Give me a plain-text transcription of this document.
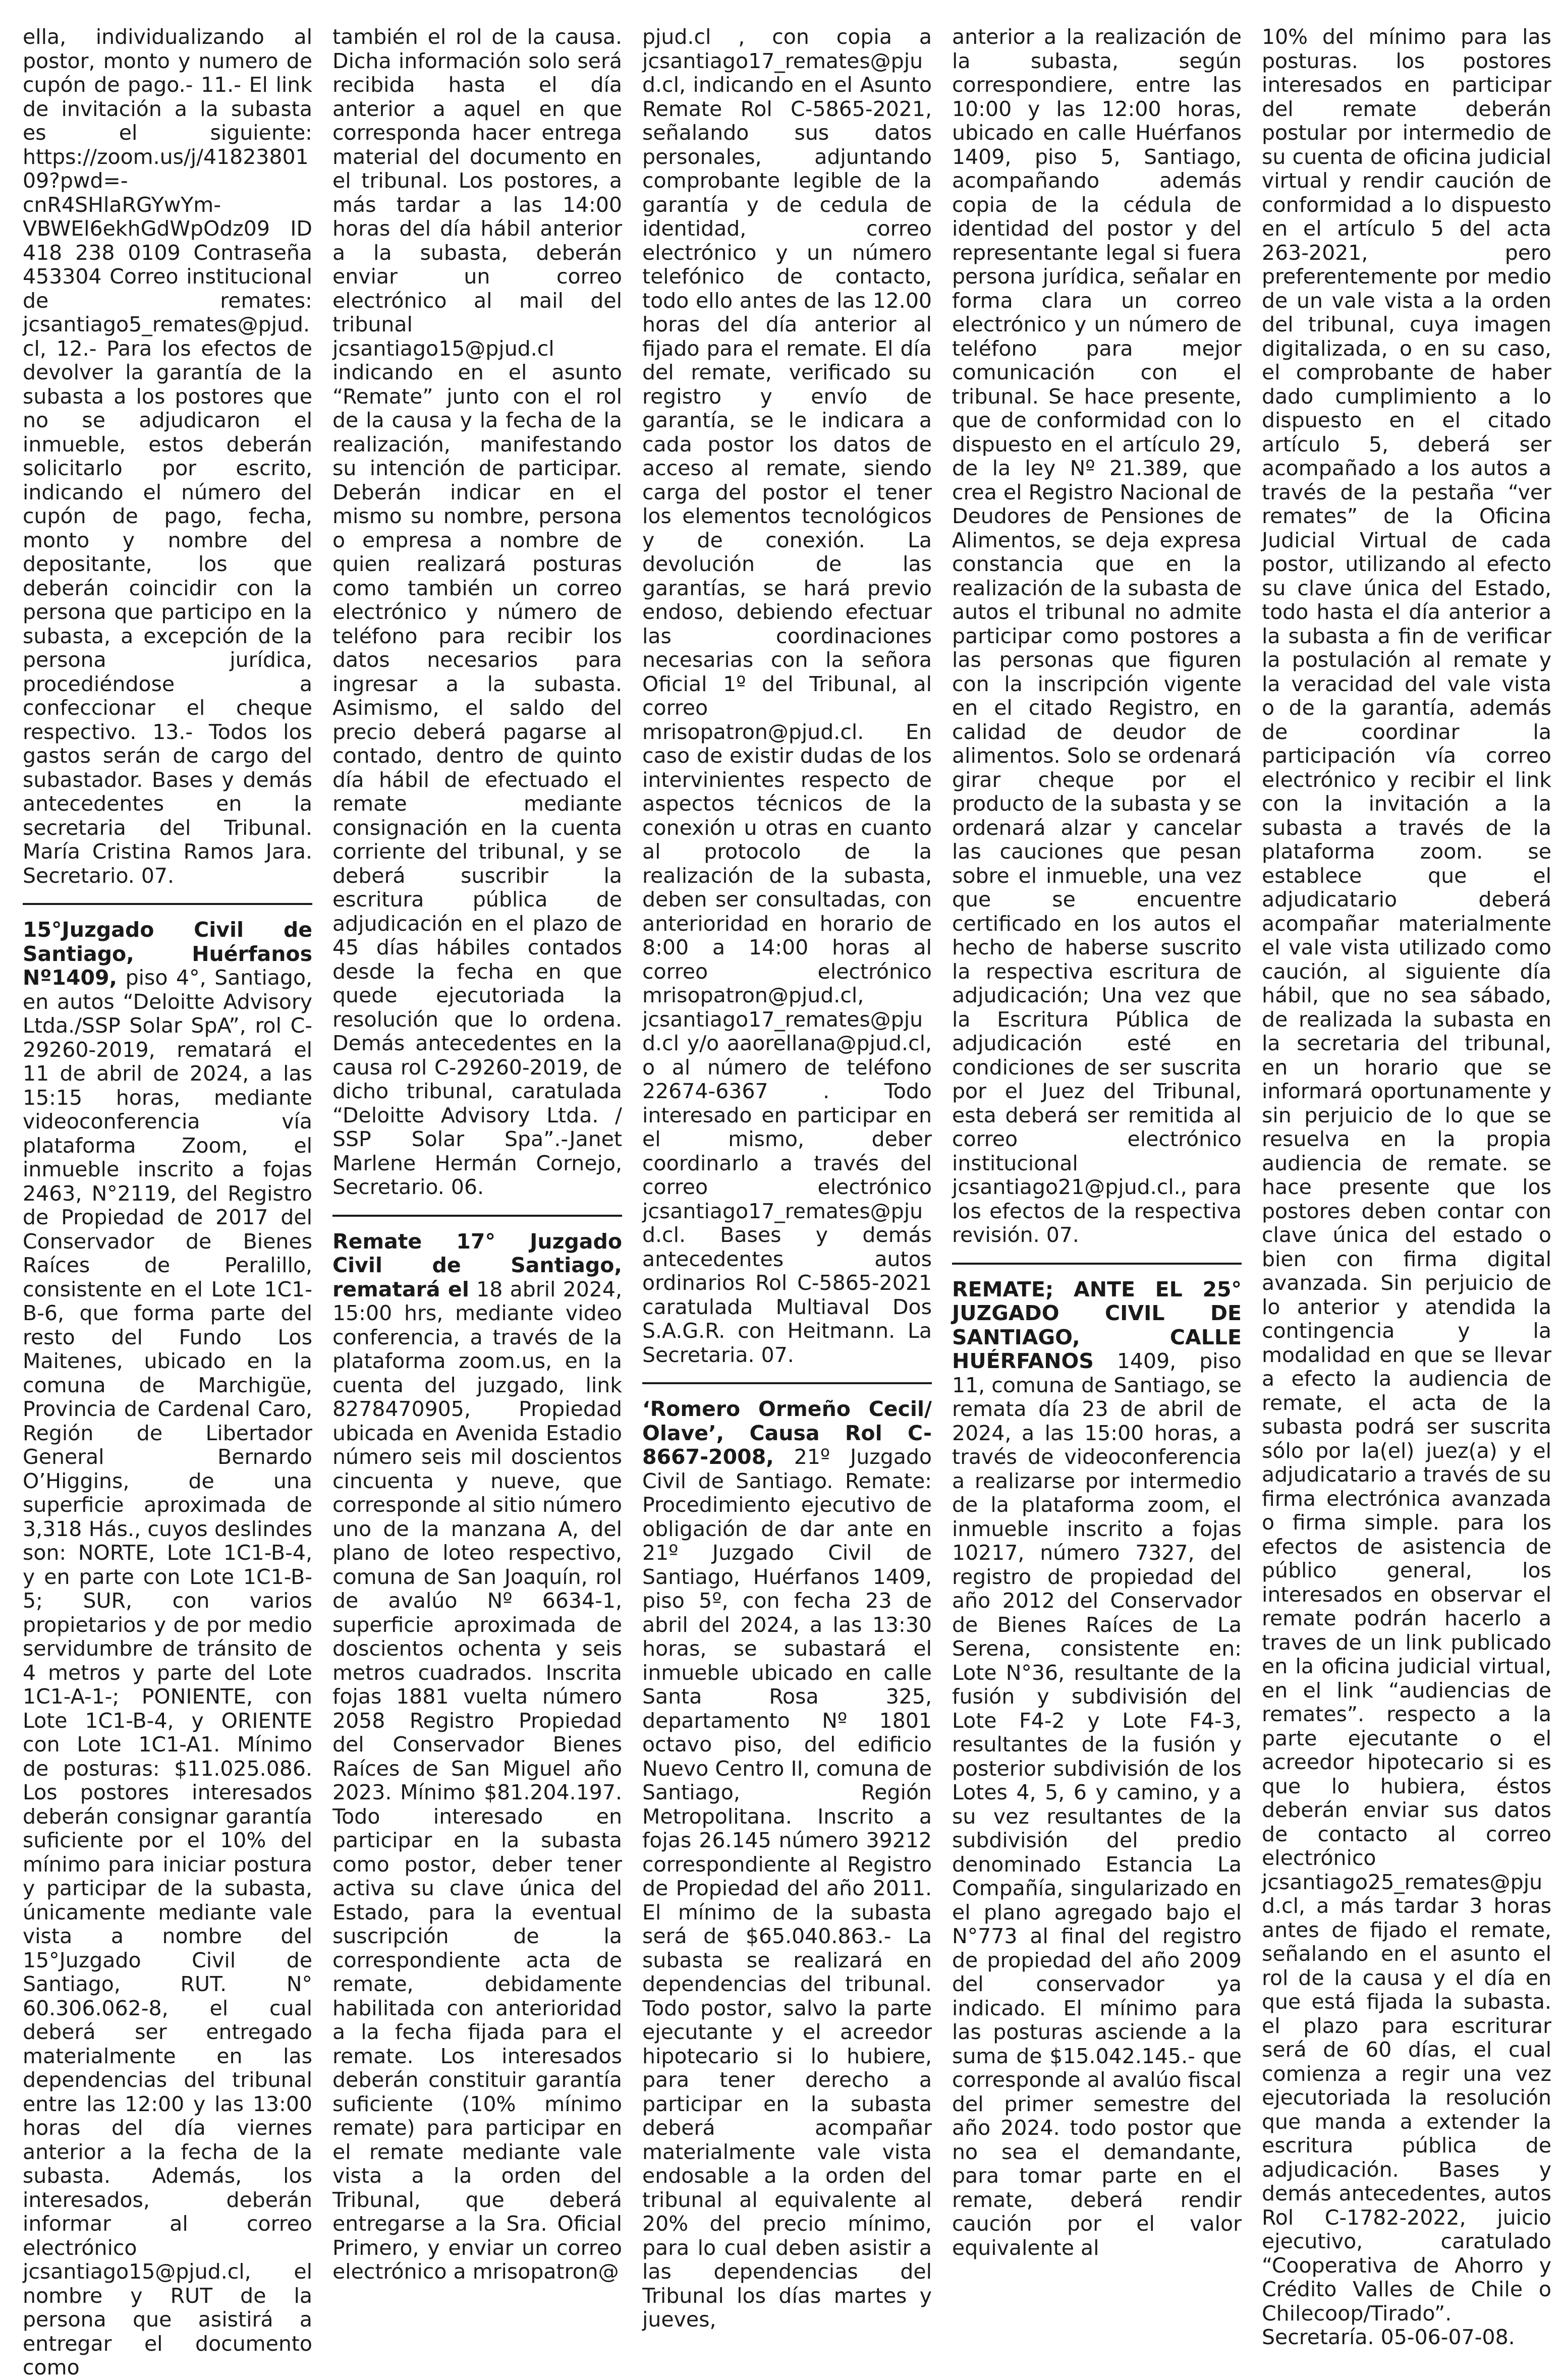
ella, individualizando al postor, monto y numero de cupón de pago.- 11.- El link de invitación a la subasta es el siguiente: https://zoom.us/j/4182380109?pwd=-cnR4SHlaRGYwYm-VBWEl6ekhGdWpOdz09 ID 418 238 0109 Contraseña 453304 Correo institucional de remates: jcsantiago5_remates@pjud.cl, 12.- Para los efectos de devolver la garantía de la subasta a los postores que no se adjudicaron el inmueble, estos deberán solicitarlo por escrito, indicando el número del cupón de pago, fecha, monto y nombre del depositante, los que deberán coincidir con la persona que participo en la subasta, a excepción de la persona jurídica, procediéndose a confeccionar el cheque respectivo. 13.- Todos los gastos serán de cargo del subastador. Bases y demás antecedentes en la secretaria del Tribunal. María Cristina Ramos Jara. Secretario. 07.

15°Juzgado Civil de Santiago, Huérfanos Nº1409, piso 4°, Santiago, en autos “Deloitte Advisory Ltda./SSP Solar SpA”, rol C-29260-2019, rematará el 11 de abril de 2024, a las 15:15 horas, mediante videoconferencia vía plataforma Zoom, el inmueble inscrito a fojas 2463, N°2119, del Registro de Propiedad de 2017 del Conservador de Bienes Raíces de Peralillo, consistente en el Lote 1C1-B-6, que forma parte del resto del Fundo Los Maitenes, ubicado en la comuna de Marchigüe, Provincia de Cardenal Caro, Región de Libertador General Bernardo O’Higgins, de una superficie aproximada de 3,318 Hás., cuyos deslindes son: NORTE, Lote 1C1-B-4, y en parte con Lote 1C1-B-5; SUR, con varios propietarios y de por medio servidumbre de tránsito de 4 metros y parte del Lote 1C1-A-1-; PONIENTE, con Lote 1C1-B-4, y ORIENTE con Lote 1C1-A1. Mínimo de posturas: $11.025.086. Los postores interesados deberán consignar garantía suficiente por el 10% del mínimo para iniciar postura y participar de la subasta, únicamente mediante vale vista a nombre del 15°Juzgado Civil de Santiago, RUT. N° 60.306.062-8, el cual deberá ser entregado materialmente en las dependencias del tribunal entre las 12:00 y las 13:00 horas del día viernes anterior a la fecha de la subasta. Además, los interesados, deberán informar al correo electrónico jcsantiago15@pjud.cl, el nombre y RUT de la persona que asistirá a entregar el documento como

también el rol de la causa. Dicha información solo será recibida hasta el día anterior a aquel en que corresponda hacer entrega material del documento en el tribunal. Los postores, a más tardar a las 14:00 horas del día hábil anterior a la subasta, deberán enviar un correo electrónico al mail del tribunal jcsantiago15@pjud.cl indicando en el asunto “Remate” junto con el rol de la causa y la fecha de la realización, manifestando su intención de participar. Deberán indicar en el mismo su nombre, persona o empresa a nombre de quien realizará posturas como también un correo electrónico y número de teléfono para recibir los datos necesarios para ingresar a la subasta. Asimismo, el saldo del precio deberá pagarse al contado, dentro de quinto día hábil de efectuado el remate mediante consignación en la cuenta corriente del tribunal, y se deberá suscribir la escritura pública de adjudicación en el plazo de 45 días hábiles contados desde la fecha en que quede ejecutoriada la resolución que lo ordena. Demás antecedentes en la causa rol C-29260-2019, de dicho tribunal, caratulada “Deloitte Advisory Ltda. / SSP Solar Spa”.-Janet Marlene Hermán Cornejo, Secretario. 06.

Remate 17° Juzgado Civil de Santiago, rematará el 18 abril 2024, 15:00 hrs, mediante video conferencia, a través de la plataforma zoom.us, en la cuenta del juzgado, link 8278470905, Propiedad ubicada en Avenida Estadio número seis mil doscientos cincuenta y nueve, que corresponde al sitio número uno de la manzana A, del plano de loteo respectivo, comuna de San Joaquín, rol de avalúo Nº 6634-1, superficie aproximada de doscientos ochenta y seis metros cuadrados. Inscrita fojas 1881 vuelta número 2058 Registro Propiedad del Conservador Bienes Raíces de San Miguel año 2023. Mínimo $81.204.197. Todo interesado en participar en la subasta como postor, deber tener activa su clave única del Estado, para la eventual suscripción de la correspondiente acta de remate, debidamente habilitada con anterioridad a la fecha fijada para el remate. Los interesados deberán constituir garantía suficiente (10% mínimo remate) para participar en el remate mediante vale vista a la orden del Tribunal, que deberá entregarse a la Sra. Oficial Primero, y enviar un correo electrónico a mrisopatron@

pjud.cl , con copia a jcsantiago17_remates@pjud.cl, indicando en el Asunto Remate Rol C-5865-2021, señalando sus datos personales, adjuntando comprobante legible de la garantía y de cedula de identidad, correo electrónico y un número telefónico de contacto, todo ello antes de las 12.00 horas del día anterior al fijado para el remate. El día del remate, verificado su registro y envío de garantía, se le indicara a cada postor los datos de acceso al remate, siendo carga del postor el tener los elementos tecnológicos y de conexión. La devolución de las garantías, se hará previo endoso, debiendo efectuar las coordinaciones necesarias con la señora Oficial 1º del Tribunal, al correo mrisopatron@pjud.cl. En caso de existir dudas de los intervinientes respecto de aspectos técnicos de la conexión u otras en cuanto al protocolo de la realización de la subasta, deben ser consultadas, con anterioridad en horario de 8:00 a 14:00 horas al correo electrónico mrisopatron@pjud.cl, jcsantiago17_remates@pjud.cl y/o aaorellana@pjud.cl, o al número de teléfono 22674-6367 . Todo interesado en participar en el mismo, deber coordinarlo a través del correo electrónico jcsantiago17_remates@pjud.cl. Bases y demás antecedentes autos ordinarios Rol C-5865-2021 caratulada Multiaval Dos S.A.G.R. con Heitmann. La Secretaria. 07.

‘Romero Ormeño Cecil/ Olave’, Causa Rol C-8667-2008, 21º Juzgado Civil de Santiago. Remate: Procedimiento ejecutivo de obligación de dar ante en 21º Juzgado Civil de Santiago, Huérfanos 1409, piso 5º, con fecha 23 de abril del 2024, a las 13:30 horas, se subastará el inmueble ubicado en calle Santa Rosa 325, departamento Nº 1801 octavo piso, del edificio Nuevo Centro II, comuna de Santiago, Región Metropolitana. Inscrito a fojas 26.145 número 39212 correspondiente al Registro de Propiedad del año 2011. El mínimo de la subasta será de $65.040.863.- La subasta se realizará en dependencias del tribunal. Todo postor, salvo la parte ejecutante y el acreedor hipotecario si lo hubiere, para tener derecho a participar en la subasta deberá acompañar materialmente vale vista endosable a la orden del tribunal al equivalente al 20% del precio mínimo, para lo cual deben asistir a las dependencias del Tribunal los días martes y jueves,

anterior a la realización de la subasta, según correspondiere, entre las 10:00 y las 12:00 horas, ubicado en calle Huérfanos 1409, piso 5, Santiago, acompañando además copia de la cédula de identidad del postor y del representante legal si fuera persona jurídica, señalar en forma clara un correo electrónico y un número de teléfono para mejor comunicación con el tribunal. Se hace presente, que de conformidad con lo dispuesto en el artículo 29, de la ley Nº 21.389, que crea el Registro Nacional de Deudores de Pensiones de Alimentos, se deja expresa constancia que en la realización de la subasta de autos el tribunal no admite participar como postores a las personas que figuren con la inscripción vigente en el citado Registro, en calidad de deudor de alimentos. Solo se ordenará girar cheque por el producto de la subasta y se ordenará alzar y cancelar las cauciones que pesan sobre el inmueble, una vez que se encuentre certificado en los autos el hecho de haberse suscrito la respectiva escritura de adjudicación; Una vez que la Escritura Pública de adjudicación esté en condiciones de ser suscrita por el Juez del Tribunal, esta deberá ser remitida al correo electrónico institucional jcsantiago21@pjud.cl., para los efectos de la respectiva revisión. 07.

REMATE; ANTE EL 25° JUZGADO CIVIL DE SANTIAGO, CALLE HUÉRFANOS 1409, piso 11, comuna de Santiago, se remata día 23 de abril de 2024, a las 15:00 horas, a través de videoconferencia a realizarse por intermedio de la plataforma zoom, el inmueble inscrito a fojas 10217, número 7327, del registro de propiedad del año 2012 del Conservador de Bienes Raíces de La Serena, consistente en: Lote N°36, resultante de la fusión y subdivisión del Lote F4-2 y Lote F4-3, resultantes de la fusión y posterior subdivisión de los Lotes 4, 5, 6 y camino, y a su vez resultantes de la subdivisión del predio denominado Estancia La Compañía, singularizado en el plano agregado bajo el N°773 al final del registro de propiedad del año 2009 del conservador ya indicado. El mínimo para las posturas asciende a la suma de $15.042.145.- que corresponde al avalúo fiscal del primer semestre del año 2024. todo postor que no sea el demandante, para tomar parte en el remate, deberá rendir caución por el valor equivalente al

10% del mínimo para las posturas. los postores interesados en participar del remate deberán postular por intermedio de su cuenta de oficina judicial virtual y rendir caución de conformidad a lo dispuesto en el artículo 5 del acta 263-2021, pero preferentemente por medio de un vale vista a la orden del tribunal, cuya imagen digitalizada, o en su caso, el comprobante de haber dado cumplimiento a lo dispuesto en el citado artículo 5, deberá ser acompañado a los autos a través de la pestaña “ver remates” de la Oficina Judicial Virtual de cada postor, utilizando al efecto su clave única del Estado, todo hasta el día anterior a la subasta a fin de verificar la postulación al remate y la veracidad del vale vista o de la garantía, además de coordinar la participación vía correo electrónico y recibir el link con la invitación a la subasta a través de la plataforma zoom. se establece que el adjudicatario deberá acompañar materialmente el vale vista utilizado como caución, al siguiente día hábil, que no sea sábado, de realizada la subasta en la secretaria del tribunal, en un horario que se informará oportunamente y sin perjuicio de lo que se resuelva en la propia audiencia de remate. se hace presente que los postores deben contar con clave única del estado o bien con firma digital avanzada. Sin perjuicio de lo anterior y atendida la contingencia y la modalidad en que se llevar a efecto la audiencia de remate, el acta de la subasta podrá ser suscrita sólo por la(el) juez(a) y el adjudicatario a través de su firma electrónica avanzada o firma simple. para los efectos de asistencia de público general, los interesados en observar el remate podrán hacerlo a traves de un link publicado en la oficina judicial virtual, en el link “audiencias de remates”. respecto a la parte ejecutante o el acreedor hipotecario si es que lo hubiera, éstos deberán enviar sus datos de contacto al correo electrónico jcsantiago25_remates@pjud.cl, a más tardar 3 horas antes de fijado el remate, señalando en el asunto el rol de la causa y el día en que está fijada la subasta. el plazo para escriturar será de 60 días, el cual comienza a regir una vez ejecutoriada la resolución que manda a extender la escritura pública de adjudicación. Bases y demás antecedentes, autos Rol C-1782-2022, juicio ejecutivo, caratulado “Cooperativa de Ahorro y Crédito Valles de Chile o Chilecoop/Tirado”. Secretaría. 05-06-07-08.
